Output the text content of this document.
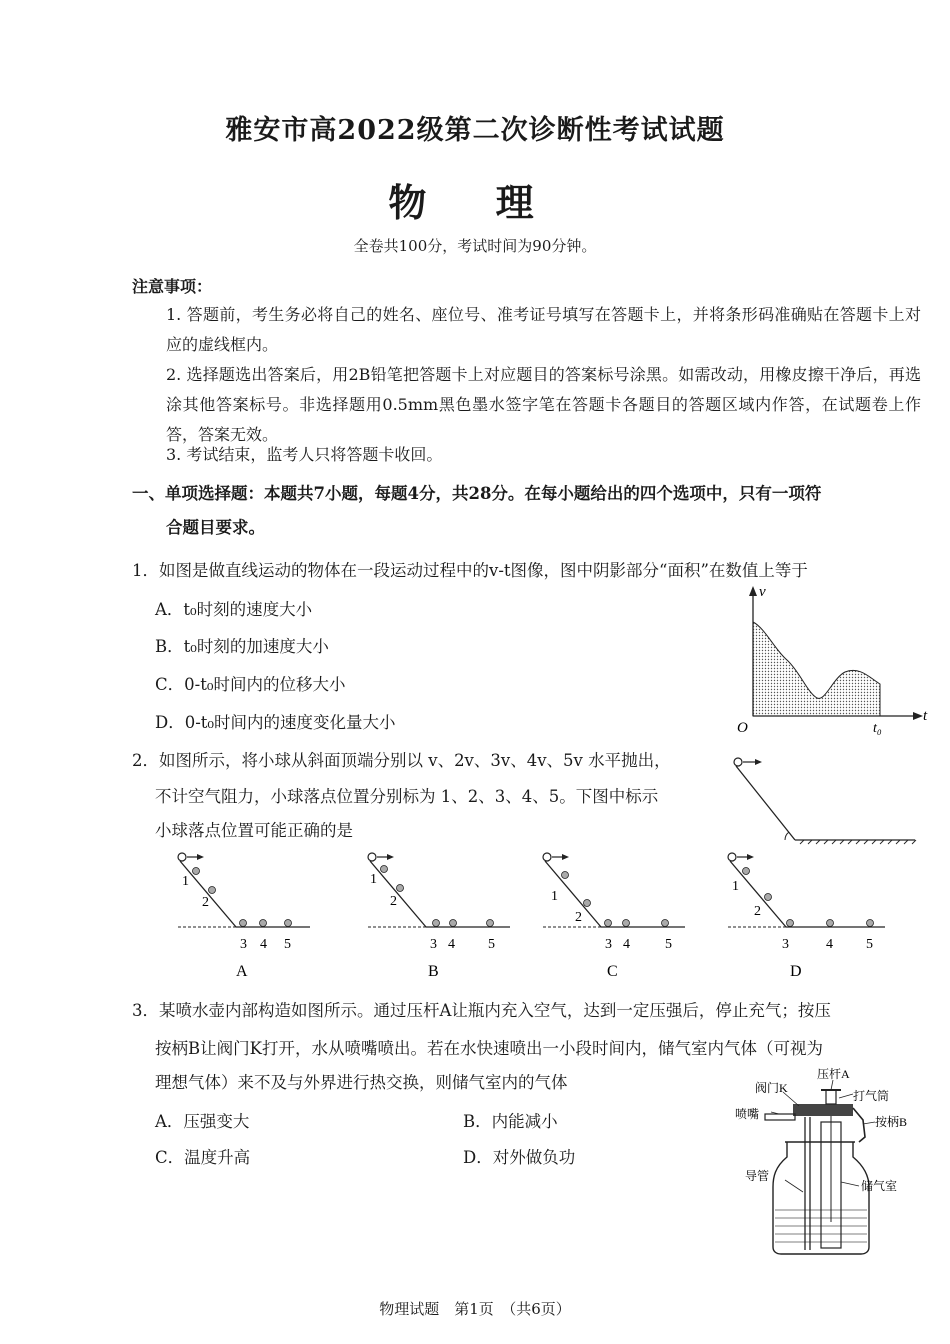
雅安市高2022级第二次诊断性考试试题
物 理
全卷共100分，考试时间为90分钟。
注意事项：
1. 答题前，考生务必将自己的姓名、座位号、准考证号填写在答题卡上，并将条形码准确贴在答题卡上对应的虚线框内。
2. 选择题选出答案后，用2B铅笔把答题卡上对应题目的答案标号涂黑。如需改动，用橡皮擦干净后，再选涂其他答案标号。非选择题用0.5mm黑色墨水签字笔在答题卡各题目的答题区域内作答，在试题卷上作答，答案无效。
3. 考试结束，监考人只将答题卡收回。
一、单项选择题：本题共7小题，每题4分，共28分。在每小题给出的四个选项中，只有一项符
合题目要求。
1．如图是做直线运动的物体在一段运动过程中的v-t图像，图中阴影部分“面积”在数值上等于
A．t₀时刻的速度大小
B．t₀时刻的加速度大小
C．0-t₀时间内的位移大小
D．0-t₀时间内的速度变化量大小
v
t
O	t₀
2．如图所示，将小球从斜面顶端分别以 v、2v、3v、4v、5v 水平抛出，
不计空气阻力，小球落点位置分别标为 1、2、3、4、5。下图中标示
小球落点位置可能正确的是
1
2
3 4 5
A
1
2
3 4 5
B
1
2
3 4	5
C
1
2
3	4 5
D
3．某喷水壶内部构造如图所示。通过压杆A让瓶内充入空气，达到一定压强后，停止充气；按压
按柄B让阀门K打开，水从喷嘴喷出。若在水快速喷出一小段时间内，储气室内气体（可视为
理想气体）来不及与外界进行热交换，则储气室内的气体
A．压强变大	B．内能减小
C．温度升高	D．对外做负功
阀门K
压杆A
打气筒
喷嘴
按柄B
导管
储气室
物理试题　第1页　（共6页）
